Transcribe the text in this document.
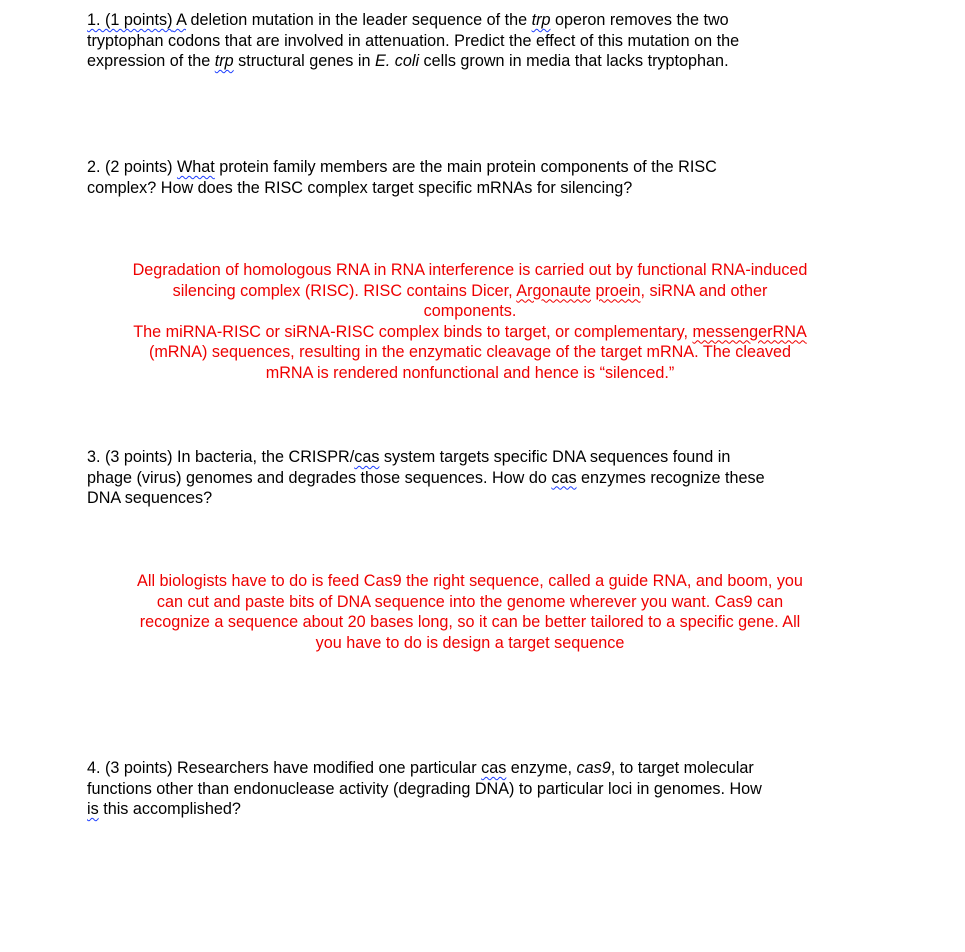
1. (1 points) A deletion mutation in the leader sequence of the trp operon removes the two
tryptophan codons that are involved in attenuation. Predict the effect of this mutation on the
expression of the trp structural genes in E. coli cells grown in media that lacks tryptophan.
2. (2 points) What protein family members are the main protein components of the RISC
complex? How does the RISC complex target specific mRNAs for silencing?
Degradation of homologous RNA in RNA interference is carried out by functional RNA-induced
silencing complex (RISC). RISC contains Dicer, Argonaute proein, siRNA and other
components.
The miRNA-RISC or siRNA-RISC complex binds to target, or complementary, messengerRNA
(mRNA) sequences, resulting in the enzymatic cleavage of the target mRNA. The cleaved
mRNA is rendered nonfunctional and hence is “silenced.”
3. (3 points) In bacteria, the CRISPR/cas system targets specific DNA sequences found in
phage (virus) genomes and degrades those sequences. How do cas enzymes recognize these
DNA sequences?
All biologists have to do is feed Cas9 the right sequence, called a guide RNA, and boom, you
can cut and paste bits of DNA sequence into the genome wherever you want. Cas9 can
recognize a sequence about 20 bases long, so it can be better tailored to a specific gene. All
you have to do is design a target sequence
4. (3 points) Researchers have modified one particular cas enzyme, cas9, to target molecular
functions other than endonuclease activity (degrading DNA) to particular loci in genomes. How
is this accomplished?
